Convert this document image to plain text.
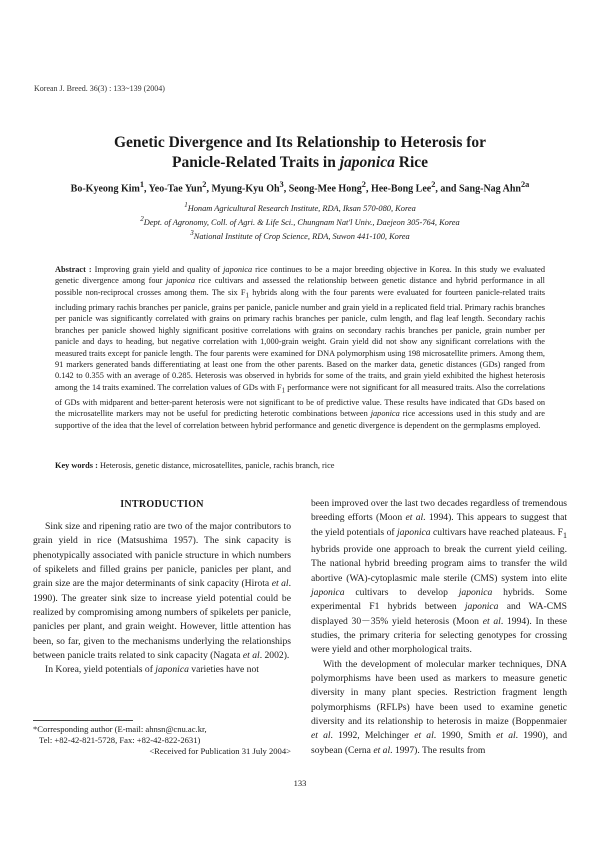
Korean J. Breed. 36(3) : 133~139 (2004)
Genetic Divergence and Its Relationship to Heterosis for
Panicle-Related Traits in japonica Rice
Bo-Kyeong Kim$^1$, Yeo-Tae Yun$^2$, Myung-Kyu Oh$^3$, Seong-Mee Hong$^2$, Hee-Bong Lee$^2$, and Sang-Nag Ahn$^{2a}$
$^1$Honam Agricultural Research Institute, RDA, Iksan 570-080, Korea
$^2$Dept. of Agronomy, Coll. of Agri. & Life Sci., Chungnam Nat'l Univ., Daejeon 305-764, Korea
$^3$National Institute of Crop Science, RDA, Suwon 441-100, Korea
Abstract : Improving grain yield and quality of japonica rice continues to be a major breeding objective in Korea. In this study we evaluated genetic divergence among four japonica rice cultivars and assessed the relationship between genetic distance and hybrid performance in all possible non-reciprocal crosses among them. The six $F_1$ hybrids along with the four parents were evaluated for fourteen panicle-related traits including primary rachis branches per panicle, grains per panicle, panicle number and grain yield in a replicated field trial. Primary rachis branches per panicle was significantly correlated with grains on primary rachis branches per panicle, culm length, and flag leaf length. Secondary rachis branches per panicle showed highly significant positive correlations with grains on secondary rachis branches per panicle, grain number per panicle and days to heading, but negative correlation with 1,000-grain weight. Grain yield did not show any significant correlations with the measured traits except for panicle length. The four parents were examined for DNA polymorphism using 198 microsatellite primers. Among them, 91 markers generated bands differentiating at least one from the other parents. Based on the marker data, genetic distances (GDs) ranged from 0.142 to 0.355 with an average of 0.285. Heterosis was observed in hybrids for some of the traits, and grain yield exhibited the highest heterosis among the 14 traits examined. The correlation values of GDs with $F_1$ performance were not significant for all measured traits. Also the correlations of GDs with midparent and better-parent heterosis were not significant to be of predictive value. These results have indicated that GDs based on the microsatellite markers may not be useful for predicting heterotic combinations between japonica rice accessions used in this study and are supportive of the idea that the level of correlation between hybrid performance and genetic divergence is dependent on the germplasms employed.
Key words : Heterosis, genetic distance, microsatellites, panicle, rachis branch, rice
INTRODUCTION

Sink size and ripening ratio are two of the major contributors to grain yield in rice (Matsushima 1957). The sink capacity is phenotypically associated with panicle structure in which numbers of spikelets and filled grains per panicle, panicles per plant, and grain size are the major determinants of sink capacity (Hirota et al. 1990). The greater sink size to increase yield potential could be realized by compromising among numbers of spikelets per panicle, panicles per plant, and grain weight. However, little attention has been, so far, given to the mechanisms underlying the relationships between panicle traits related to sink capacity (Nagata et al. 2002).

In Korea, yield potentials of japonica varieties have not

*Corresponding author (E-mail: ahnsn@cnu.ac.kr,
Tel: +82-42-821-5728, Fax: +82-42-822-2631)
<Received for Publication 31 July 2004>

been improved over the last two decades regardless of tremendous breeding efforts (Moon et al. 1994). This appears to suggest that the yield potentials of japonica cultivars have reached plateaus. $F_1$ hybrids provide one approach to break the current yield ceiling. The national hybrid breeding program aims to transfer the wild abortive (WA)-cytoplasmic male sterile (CMS) system into elite japonica cultivars to develop japonica hybrids. Some experimental F1 hybrids between japonica and WA-CMS displayed 30－35% yield heterosis (Moon et al. 1994). In these studies, the primary criteria for selecting genotypes for crossing were yield and other morphological traits.

With the development of molecular marker techniques, DNA polymorphisms have been used as markers to measure genetic diversity in many plant species. Restriction fragment length polymorphisms (RFLPs) have been used to examine genetic diversity and its relationship to heterosis in maize (Boppenmaier et al. 1992, Melchinger et al. 1990, Smith et al. 1990), and soybean (Cerna et al. 1997). The results from

133
